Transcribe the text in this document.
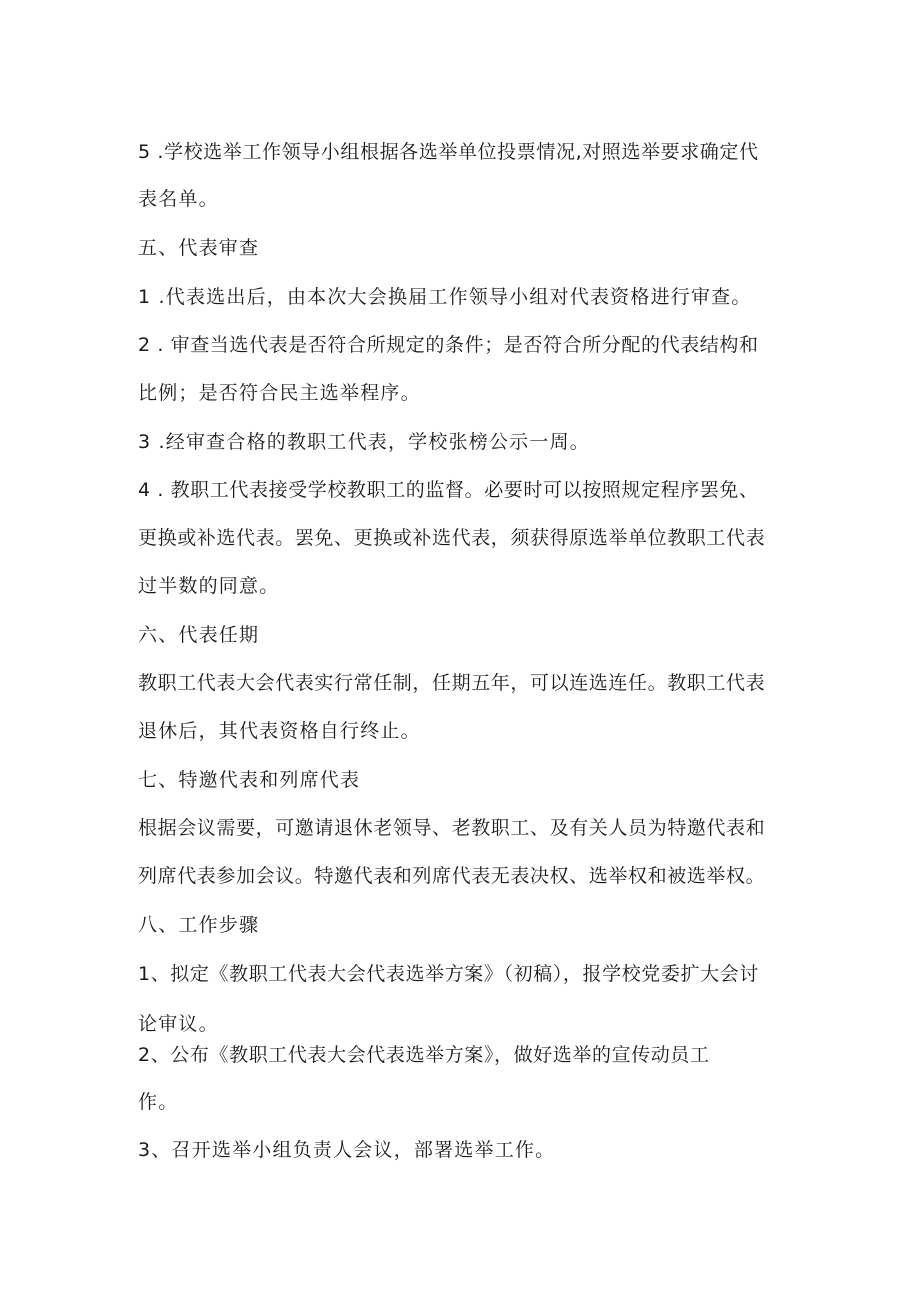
5 .学校选举工作领导小组根据各选举单位投票情况,对照选举要求确定代
表名单。
五、代表审查
1 .代表选出后，由本次大会换届工作领导小组对代表资格进行审查。
2 . 审查当选代表是否符合所规定的条件；是否符合所分配的代表结构和
比例；是否符合民主选举程序。
3 .经审查合格的教职工代表，学校张榜公示一周。
4 . 教职工代表接受学校教职工的监督。必要时可以按照规定程序罢免、
更换或补选代表。罢免、更换或补选代表，须获得原选举单位教职工代表
过半数的同意。
六、代表任期
教职工代表大会代表实行常任制，任期五年，可以连选连任。教职工代表
退休后，其代表资格自行终止。
七、特邀代表和列席代表
根据会议需要，可邀请退休老领导、老教职工、及有关人员为特邀代表和
列席代表参加会议。特邀代表和列席代表无表决权、选举权和被选举权。
八、工作步骤
1、拟定《教职工代表大会代表选举方案》（初稿），报学校党委扩大会讨
论审议。
2、公布《教职工代表大会代表选举方案》，做好选举的宣传动员工
作。
3、召开选举小组负责人会议，部署选举工作。
